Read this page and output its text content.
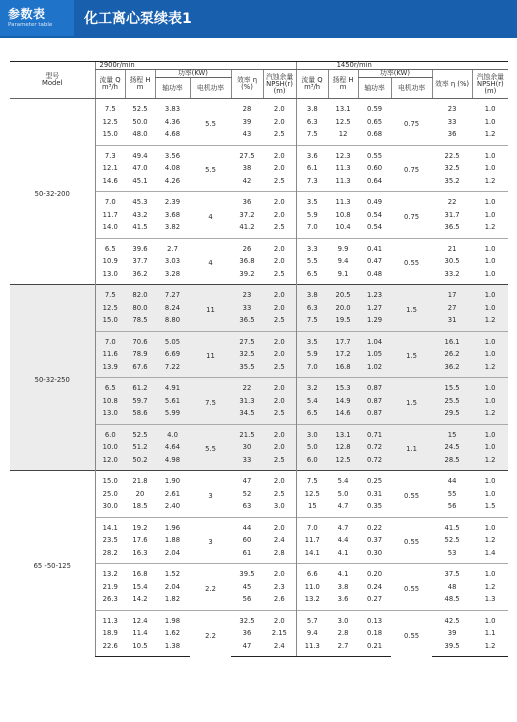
参数表
Parameter table 化工离心泵续表1
型号
Model	2900r/min						1450r/min					
	流量 Q m³/h	扬程 H m	功率(KW)		效率 η (%)	汽蚀余量 NPSH(r) (m)	流量 Q m³/h	扬程 H m	功率(KW)		效率 η (%)	汽蚀余量 NPSH(r) (m)
			轴功率	电机功率					轴功率	电机功率		
50-32-200	7.5	52.5	3.83	5.5	28	2.0	3.8	13.1	0.59	0.75	23	1.0
	12.5	50.0	4.36		39	2.0	6.3	12.5	0.65		33	1.0
	15.0	48.0	4.68		43	2.5	7.5	12	0.68		36	1.2
	7.3	49.4	3.56	5.5	27.5	2.0	3.6	12.3	0.55	0.75	22.5	1.0
	12.1	47.0	4.08		38	2.0	6.1	11.3	0.60		32.5	1.0
	14.6	45.1	4.26		42	2.5	7.3	11.3	0.64		35.2	1.2
	7.0	45.3	2.39	4	36	2.0	3.5	11.3	0.49	0.75	22	1.0
	11.7	43.2	3.68		37.2	2.0	5.9	10.8	0.54		31.7	1.0
	14.0	41.5	3.82		41.2	2.5	7.0	10.4	0.54		36.5	1.2
	6.5	39.6	2.7	4	26	2.0	3.3	9.9	0.41	0.55	21	1.0
	10.9	37.7	3.03		36.8	2.0	5.5	9.4	0.47		30.5	1.0
	13.0	36.2	3.28		39.2	2.5	6.5	9.1	0.48		33.2	1.0
50-32-250	7.5	82.0	7.27	11	23	2.0	3.8	20.5	1.23	1.5	17	1.0
	12.5	80.0	8.24		33	2.0	6.3	20.0	1.27		27	1.0
	15.0	78.5	8.80		36.5	2.5	7.5	19.5	1.29		31	1.2
	7.0	70.6	5.05	11	27.5	2.0	3.5	17.7	1.04	1.5	16.1	1.0
	11.6	78.9	6.69		32.5	2.0	5.9	17.2	1.05		26.2	1.0
	13.9	67.6	7.22		35.5	2.5	7.0	16.8	1.02		36.2	1.2
	6.5	61.2	4.91	7.5	22	2.0	3.2	15.3	0.87	1.5	15.5	1.0
	10.8	59.7	5.61		31.3	2.0	5.4	14.9	0.87		25.5	1.0
	13.0	58.6	5.99		34.5	2.5	6.5	14.6	0.87		29.5	1.2
	6.0	52.5	4.0	5.5	21.5	2.0	3.0	13.1	0.71	1.1	15	1.0
	10.0	51.2	4.64		30	2.0	5.0	12.8	0.72		24.5	1.0
	12.0	50.2	4.98		33	2.5	6.0	12.5	0.72		28.5	1.2
65 -50-125	15.0	21.8	1.90	3	47	2.0	7.5	5.4	0.25	0.55	44	1.0
	25.0	20	2.61		52	2.5	12.5	5.0	0.31		55	1.0
	30.0	18.5	2.40		63	3.0	15	4.7	0.35		56	1.5
	14.1	19.2	1.96	3	44	2.0	7.0	4.7	0.22	0.55	41.5	1.0
	23.5	17.6	1.88		60	2.4	11.7	4.4	0.37		52.5	1.2
	28.2	16.3	2.04		61	2.8	14.1	4.1	0.30		53	1.4
	13.2	16.8	1.52	2.2	39.5	2.0	6.6	4.1	0.20	0.55	37.5	1.0
	21.9	15.4	2.04		45	2.3	11.0	3.8	0.24		48	1.2
	26.3	14.2	1.82		56	2.6	13.2	3.6	0.27		48.5	1.3
	11.3	12.4	1.98	2.2	32.5	2.0	5.7	3.0	0.13	0.55	42.5	1.0
	18.9	11.4	1.62		36	2.15	9.4	2.8	0.18		39	1.1
	22.6	10.5	1.38		47	2.4	11.3	2.7	0.21		39.5	1.2
